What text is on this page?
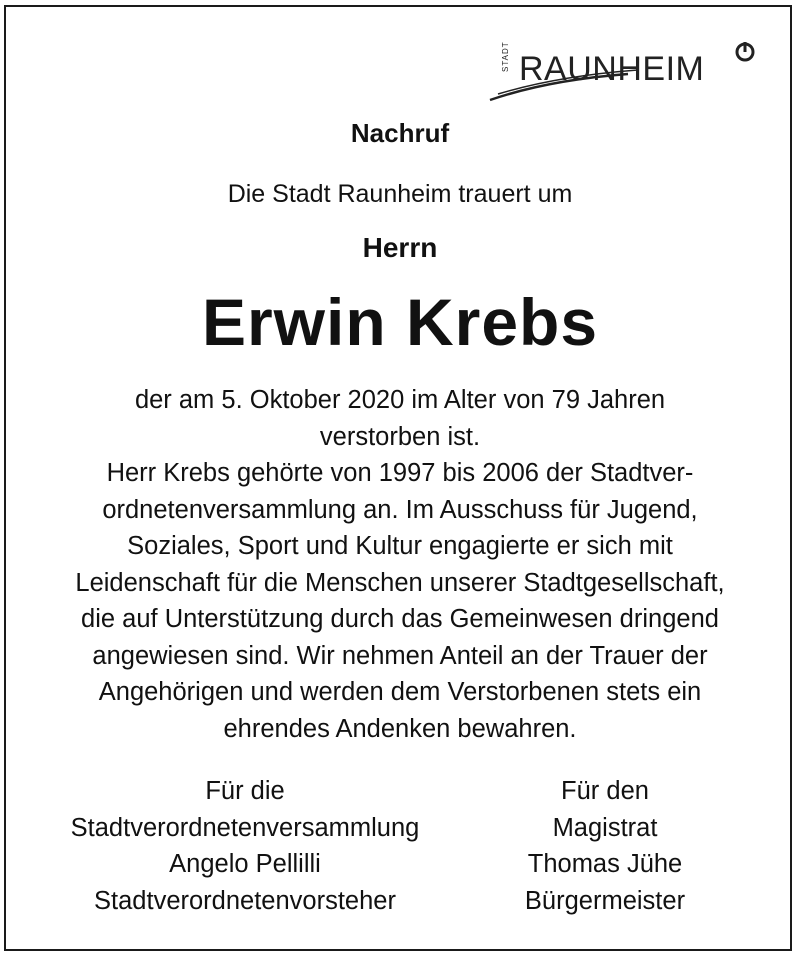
STADT RAUNHEIM
Nachruf
Die Stadt Raunheim trauert um
Herrn
Erwin Krebs
der am 5. Oktober 2020 im Alter von 79 Jahren
verstorben ist.
Herr Krebs gehörte von 1997 bis 2006 der Stadtver-
ordnetenversammlung an. Im Ausschuss für Jugend,
Soziales, Sport und Kultur engagierte er sich mit
Leidenschaft für die Menschen unserer Stadtgesellschaft,
die auf Unterstützung durch das Gemeinwesen dringend
angewiesen sind. Wir nehmen Anteil an der Trauer der
Angehörigen und werden dem Verstorbenen stets ein
ehrendes Andenken bewahren.
Für die
Stadtverordnetenversammlung
Angelo Pellilli
Stadtverordnetenvorsteher
Für den
Magistrat
Thomas Jühe
Bürgermeister
